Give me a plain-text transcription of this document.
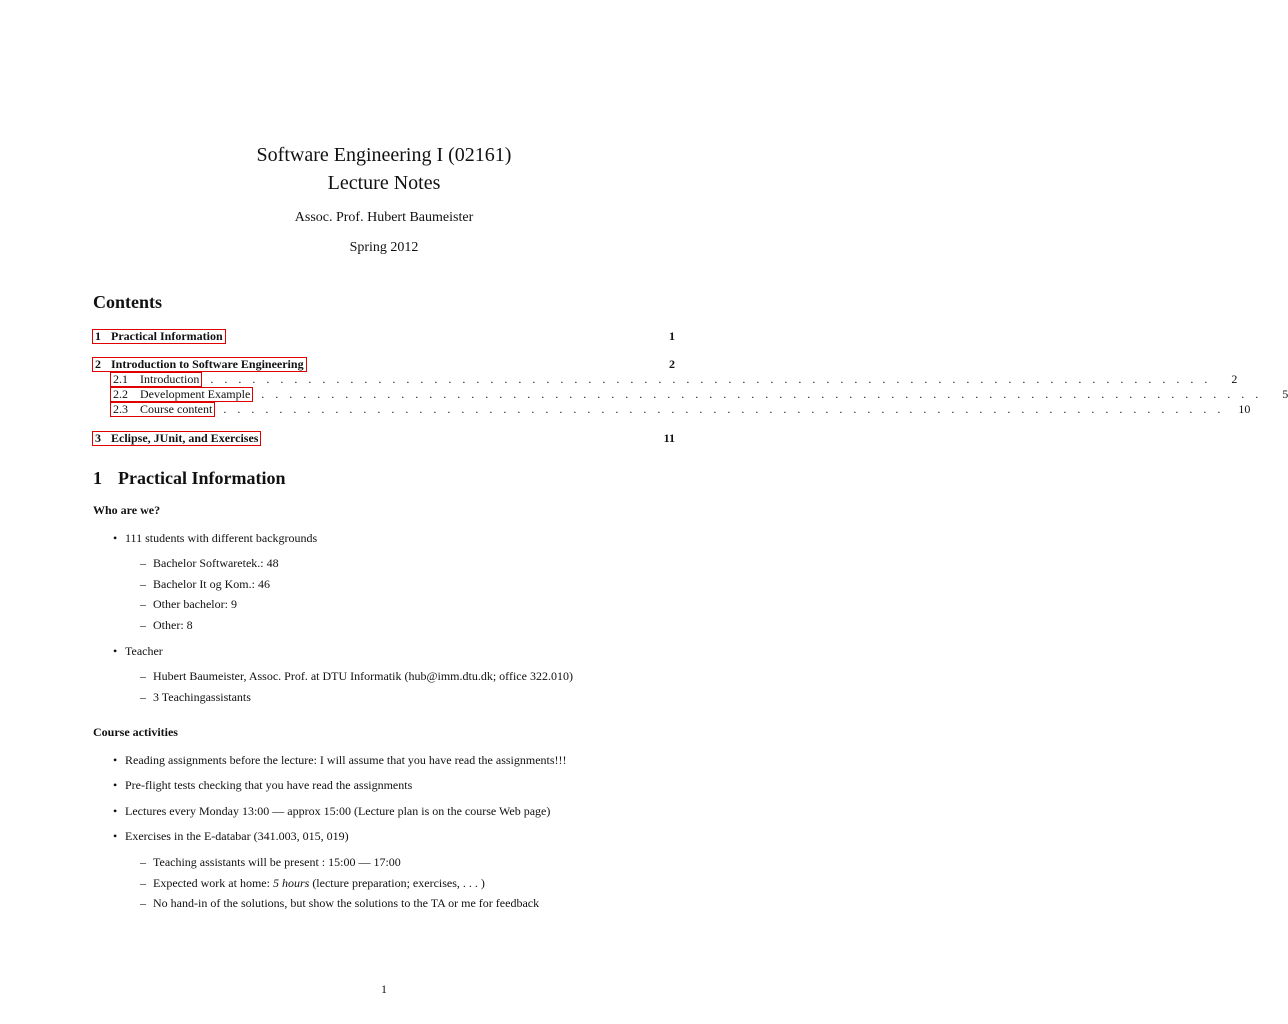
Software Engineering I (02161)
Lecture Notes
Assoc. Prof. Hubert Baumeister
Spring 2012
Contents
1 Practical Information	1
2 Introduction to Software Engineering	2
2.1 Introduction . . . . . . . . . . . . . . . . . . . . . . . . . . . . . . . . . . . . . . . . . . . . . . . . . . . . . . . . . . . . . . . . . . . . . . . .	2
2.2 Development Example . . . . . . . . . . . . . . . . . . . . . . . . . . . . . . . . . . . . . . . . . . . . . . . . . . . . . . . . . . . . . . . . . . . . . . . .	5
2.3 Course content . . . . . . . . . . . . . . . . . . . . . . . . . . . . . . . . . . . . . . . . . . . . . . . . . . . . . . . . . . . . . . . . . . . . . . . .	10
3 Eclipse, JUnit, and Exercises	11
1 Practical Information
Who are we?
• 111 students with different backgrounds
– Bachelor Softwaretek.: 48
– Bachelor It og Kom.: 46
– Other bachelor: 9
– Other: 8
• Teacher
– Hubert Baumeister, Assoc. Prof. at DTU Informatik (hub@imm.dtu.dk; office 322.010)
– 3 Teachingassistants
Course activities
• Reading assignments before the lecture: I will assume that you have read the assignments!!!
• Pre-flight tests checking that you have read the assignments
• Lectures every Monday 13:00 — approx 15:00 (Lecture plan is on the course Web page)
• Exercises in the E-databar (341.003, 015, 019)
– Teaching assistants will be present : 15:00 — 17:00
– Expected work at home: 5 hours (lecture preparation; exercises, . . . )
– No hand-in of the solutions, but show the solutions to the TA or me for feedback
1
